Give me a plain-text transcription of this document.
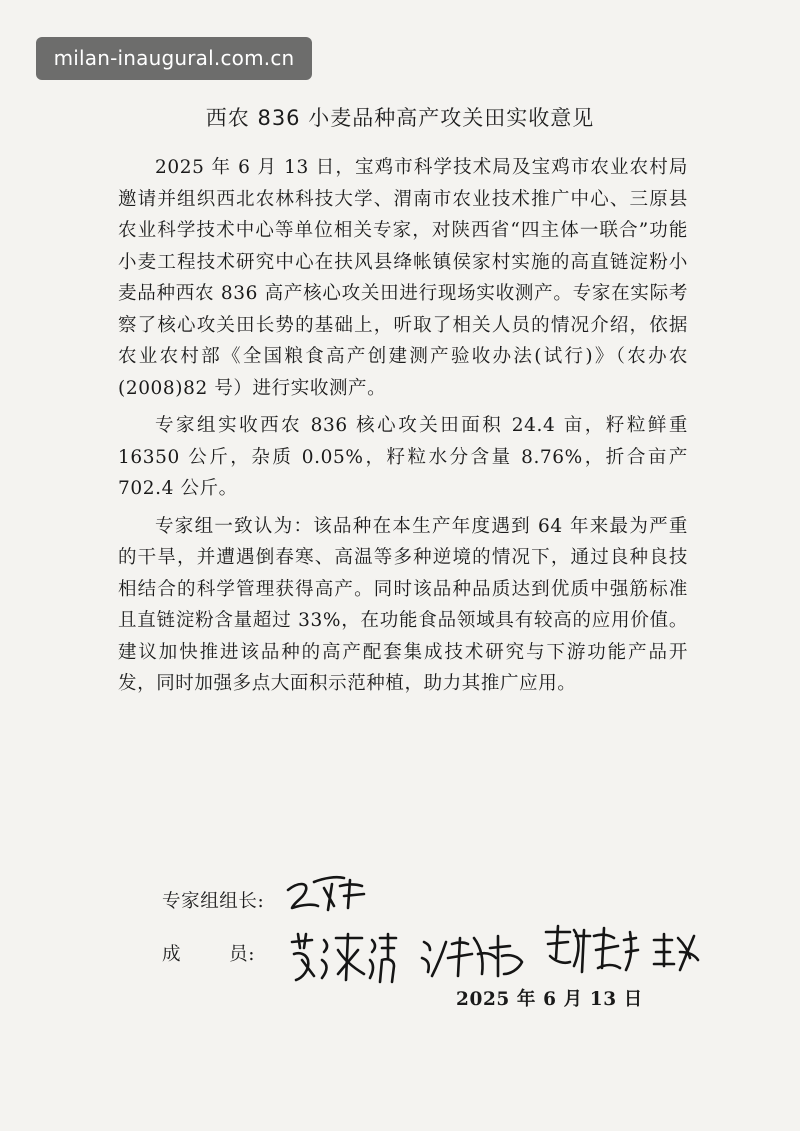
milan-inaugural.com.cn
西农 836 小麦品种高产攻关田实收意见

2025 年 6 月 13 日，宝鸡市科学技术局及宝鸡市农业农村局邀请并组织西北农林科技大学、渭南市农业技术推广中心、三原县农业科学技术中心等单位相关专家，对陕西省“四主体一联合”功能小麦工程技术研究中心在扶风县绛帐镇侯家村实施的高直链淀粉小麦品种西农 836 高产核心攻关田进行现场实收测产。专家在实际考察了核心攻关田长势的基础上，听取了相关人员的情况介绍，依据农业农村部《全国粮食高产创建测产验收办法(试行)》（农办农(2008)82 号）进行实收测产。

专家组实收西农 836 核心攻关田面积 24.4 亩，籽粒鲜重 16350 公斤，杂质 0.05%，籽粒水分含量 8.76%，折合亩产 702.4 公斤。

专家组一致认为：该品种在本生产年度遇到 64 年来最为严重的干旱，并遭遇倒春寒、高温等多种逆境的情况下，通过良种良技相结合的科学管理获得高产。同时该品种品质达到优质中强筋标准且直链淀粉含量超过 33%，在功能食品领域具有较高的应用价值。建议加快推进该品种的高产配套集成技术研究与下游功能产品开发，同时加强多点大面积示范种植，助力其推广应用。

专家组组长:
成	员:
2025 年 6 月 13 日
